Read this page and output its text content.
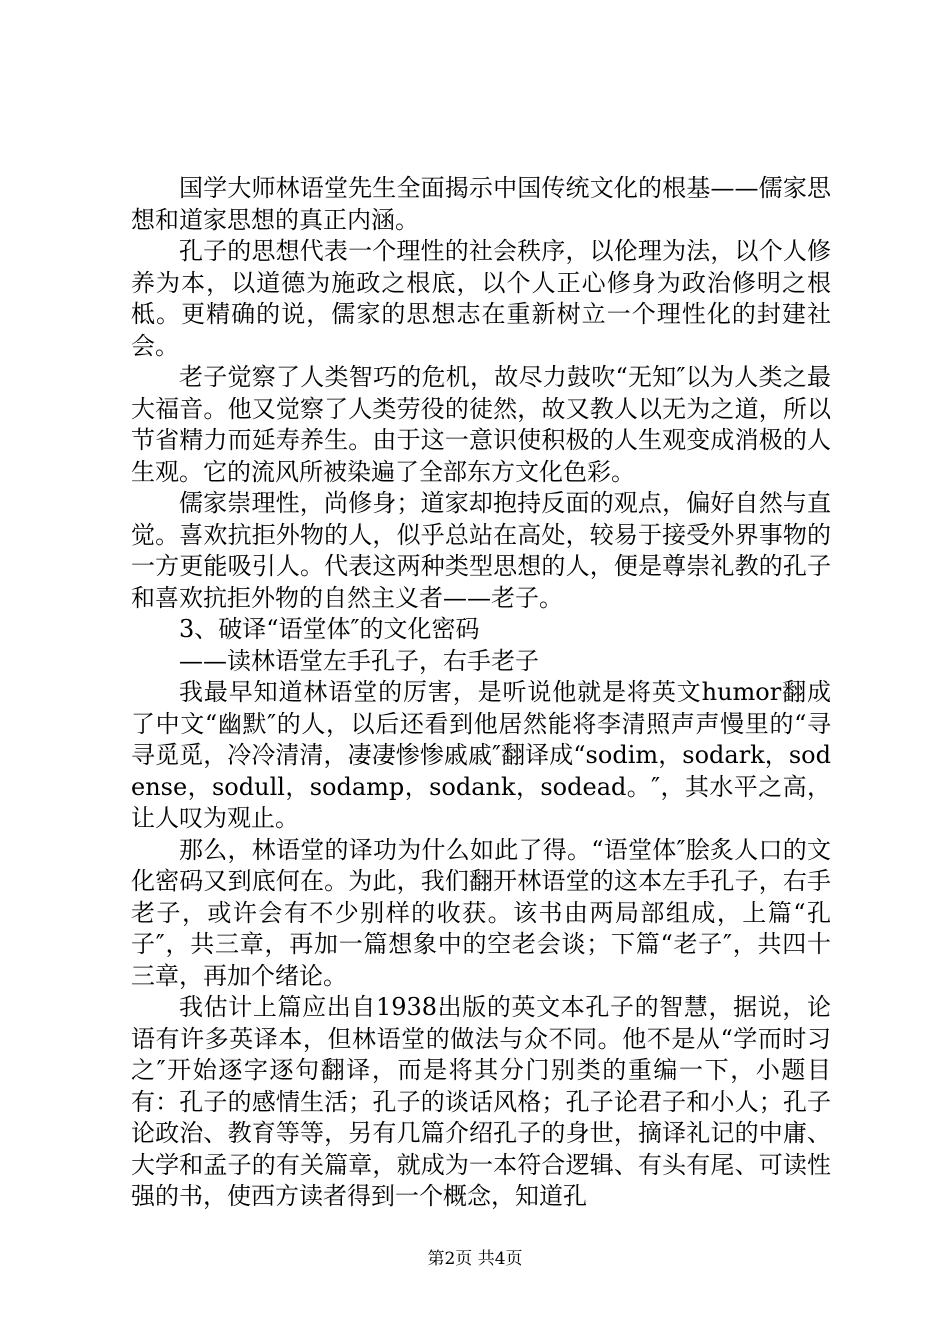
国学大师林语堂先生全面揭示中国传统文化的根基——儒家思想和道家思想的真正内涵。

孔子的思想代表一个理性的社会秩序，以伦理为法，以个人修养为本，以道德为施政之根底，以个人正心修身为政治修明之根柢。更精确的说，儒家的思想志在重新树立一个理性化的封建社会。

老子觉察了人类智巧的危机，故尽力鼓吹“无知″以为人类之最大福音。他又觉察了人类劳役的徒然，故又教人以无为之道，所以节省精力而延寿养生。由于这一意识使积极的人生观变成消极的人生观。它的流风所被染遍了全部东方文化色彩。

儒家崇理性，尚修身；道家却抱持反面的观点，偏好自然与直觉。喜欢抗拒外物的人，似乎总站在高处，较易于接受外界事物的一方更能吸引人。代表这两种类型思想的人，便是尊崇礼教的孔子和喜欢抗拒外物的自然主义者——老子。

3、破译“语堂体″的文化密码

——读林语堂左手孔子，右手老子

我最早知道林语堂的厉害，是听说他就是将英文humor翻成了中文“幽默″的人，以后还看到他居然能将李清照声声慢里的“寻寻觅觅，冷冷清清，凄凄惨惨戚戚″翻译成“sodim，sodark，sodense，sodull，sodamp，sodank，sodead。″，其水平之高，让人叹为观止。

那么，林语堂的译功为什么如此了得。“语堂体″脍炙人口的文化密码又到底何在。为此，我们翻开林语堂的这本左手孔子，右手老子，或许会有不少别样的收获。该书由两局部组成，上篇“孔子″，共三章，再加一篇想象中的空老会谈；下篇“老子″，共四十三章，再加个绪论。

我估计上篇应出自1938出版的英文本孔子的智慧，据说，论语有许多英译本，但林语堂的做法与众不同。他不是从“学而时习之″开始逐字逐句翻译，而是将其分门别类的重编一下，小题目有：孔子的感情生活；孔子的谈话风格；孔子论君子和小人；孔子论政治、教育等等，另有几篇介绍孔子的身世，摘译礼记的中庸、大学和孟子的有关篇章，就成为一本符合逻辑、有头有尾、可读性强的书，使西方读者得到一个概念，知道孔

第2页 共4页
